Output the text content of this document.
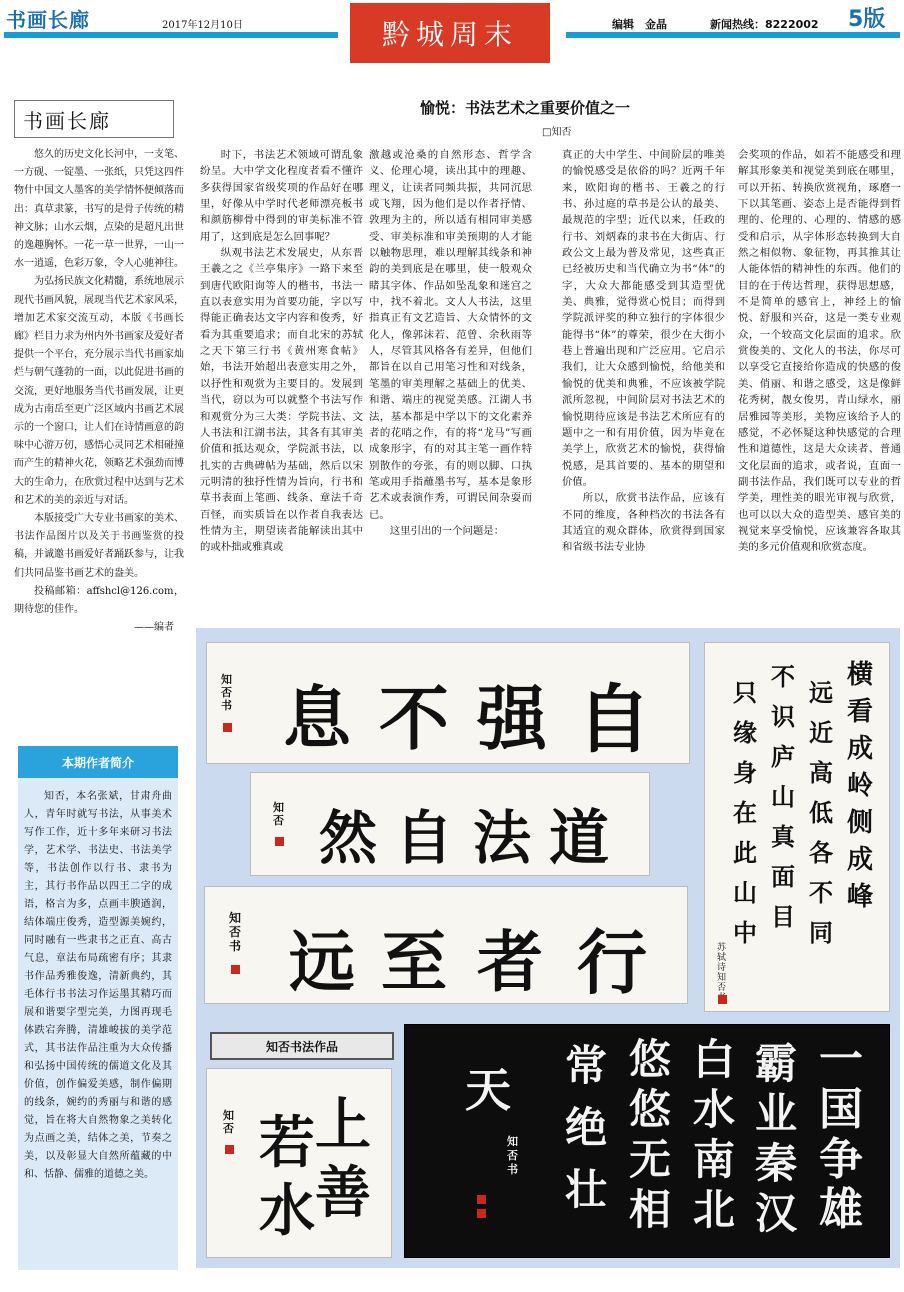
书画长廊	2017年12月10日	黔城周末	编辑　金晶	新闻热线：8222002 5版
书画长廊

悠久的历史文化长河中，一支笔、一方砚、一锭墨、一张纸，只凭这四件物什中国文人墨客的美学情怀便倾落而出：真草隶篆，书写的是骨子传统的精神文脉；山水云烟，点染的是超凡出世的逸趣胸怀。一花一草一世界，一山一水一逍遥，色彩万象，令人心驰神往。

为弘扬民族文化精髓，系统地展示现代书画风貌，展现当代艺术家风采，增加艺术家交流互动，本版《书画长廊》栏目力求为州内外书画家及爱好者提供一个平台，充分展示当代书画家灿烂与朝气蓬勃的一面，以此促进书画的交流，更好地服务当代书画发展，让更成为古南岳至更广泛区域内书画艺术展示的一个窗口，让人们在诗情画意的韵味中心游万仞，感悟心灵同艺术相碰撞而产生的精神火花，领略艺术强劲而博大的生命力，在欣赏过程中达到与艺术和艺术的美的亲近与对话。

本版接受广大专业书画家的美术、书法作品图片以及关于书画鉴赏的投稿，并诚邀书画爱好者踊跃参与，让我们共同品鉴书画艺术的盎美。

投稿邮箱：affshcl@126.com，期待您的佳作。

——编者
本期作者简介

知否，本名张斌，甘肃舟曲人，青年时就写书法，从事美术写作工作，近十多年来研习书法学，艺术学、书法史、书法美学等，书法创作以行书、隶书为主，其行书作品以四王二字的成语，格言为多，点画丰腴遒润，结体端庄俊秀，造型源美婉约，同时融有一些隶书之正直、高古气息，章法布局疏密有序；其隶书作品秀雅俊逸，清新典约，其毛体行书书法习作运墨其精巧而展和谐要字型完美，力图再现毛体跌宕奔腾，清雄峻拔的美学范式，其书法作品注重为大众传播和弘扬中国传统的儒道文化及其价值，创作偏爱美感，制作偏期的线条，婉约的秀丽与和谐的感觉，旨在将大自然物象之美转化为点画之美，结体之美，节奏之美，以及彰显大自然所蕴藏的中和、恬静、儒雅的道德之美。

愉悦：书法艺术之重要价值之一
□知否

时下，书法艺术领域可谓乱象纷呈。大中学文化程度者看不懂许多获得国家省级奖项的作品好在哪里，好像从中学时代老师漂亮板书和颜筋柳骨中得到的审美标准不管用了，这到底是怎么回事呢？

纵观书法艺术发展史，从东晋王羲之之《兰亭集序》一路下来至到唐代欧阳询等人的楷书，书法一直以表意实用为首要功能，字以写得能正确表达文字内容和俊秀，好看为其重要追求；而自北宋的苏轼之天下第三行书《黄州寒食帖》始，书法开始超出表意实用之外，以抒性和观赏为主要目的。发展到当代，窃以为可以就整个书法写作和观赏分为三大类：学院书法、文人书法和江湖书法，其各有其审美价值和抵达观众，学院派书法，以扎实的古典碑帖为基础，然后以宋元明清的独抒性情为旨向，行书和草书表面上笔画、线条、章法千奇百怪，而实质旨在以作者自我表达性情为主，期望读者能解读出其中的或朴拙或雅真或

激越或沧桑的自然形态、哲学含义、伦理心境，读出其中的理趣、理义，让读者同频共振，共同沉思或飞翔，因为他们是以作者抒情、敦理为主的，所以适有相同审美感受、审美标准和审美预期的人才能以触物思理，难以理解其线条和神韵的美到底是在哪里，使一般观众睹其字体、作品如坠乱象和迷宫之中，找不着北。文人人书法，这里指真正有文艺造旨、大众情怀的文化人，像郭沫若、范曾、余秋雨等人，尽管其风格各有差异，但他们都旨在以自己用笔习性和对线条，笔墨的审美理解之基础上的优美、和谐、端庄的视觉美感。江湖人书法，基本都是中学以下的文化素养者的花哨之作，有的将“龙马”写画成象形字，有的对其主笔一画作特别散作的夸张，有的则以脚、口执笔或用手指蘸墨书写，基本是象形艺术或表演作秀，可谓民间杂耍而已。

这里引出的一个问题是：

真正的大中学生、中间阶层的唯美的愉悦感受是依俗的吗？近两千年来，欧阳询的楷书、王羲之的行书、孙过庭的草书是公认的最美、最规范的字型；近代以来，任政的行书、刘炳森的隶书在大街店、行政公文上最为普及常见，这些真正已经被历史和当代确立为书“体”的字，大众大都能感受到其造型优美、典雅，觉得赏心悦目；而得到学院派评奖的种立独行的字体很少能得书“体”的尊荣，很少在大街小巷上普遍出现和广泛应用。它启示我们，让大众感到愉悦，给他美和愉悦的优美和典雅，不应该被学院派所忽视，中间阶层对书法艺术的愉悦期待应该是书法艺术所应有的题中之一和有用价值，因为毕竟在美学上，欣赏艺术的愉悦，获得愉悦感，是其首要的、基本的期望和价值。

所以，欣赏书法作品，应该有不同的维度，各种档次的书法各有其适宜的观众群体，欣赏得到国家和省级书法专业协

会奖项的作品，如若不能感受和理解其形象美和视觉美到底在哪里，可以开拓、转换欣赏视角，琢磨一下以其笔画、姿态上是否能得到哲理的、伦理的、心理的、情感的感受和启示，从字体形态转换到大自然之相似物、象征物，再其推其让人能体悟的精神性的东西。他们的目的在于传达哲理，获得思想感，不是简单的感官上，神经上的愉悦、舒服和兴奋，这是一类专业观众，一个较高文化层面的追求。欣赏俊美的、文化人的书法，你尽可以享受它直接给你造成的快感的俊美、俏丽、和谐之感受，这是像鲜花秀树，靓女俊男，青山绿水，丽居雅园等美形，美物应该给予人的感觉，不必怀疑这种快感觉的合理性和道德性，这是大众读者、普通文化层面的追求，或者说，直面一副书法作品，我们既可以专业的哲学美，理性美的眼光审视与欣赏，也可以以大众的造型美、感官美的视觉来享受愉悦，应该兼容各取其美的多元价值观和欣赏态度。

自
强
不
息
知否书
道
法
自
然
知否
行
者
至
远
知否书
横看成岭侧成峰
远近高低各不同
不识庐山真面目
只缘身在此山中
苏轼诗 知否
知否书法作品
上
善
若
水
知否
一国争雄
霸业秦汉
白水南北
悠悠无相
常绝壮
天
知否书
